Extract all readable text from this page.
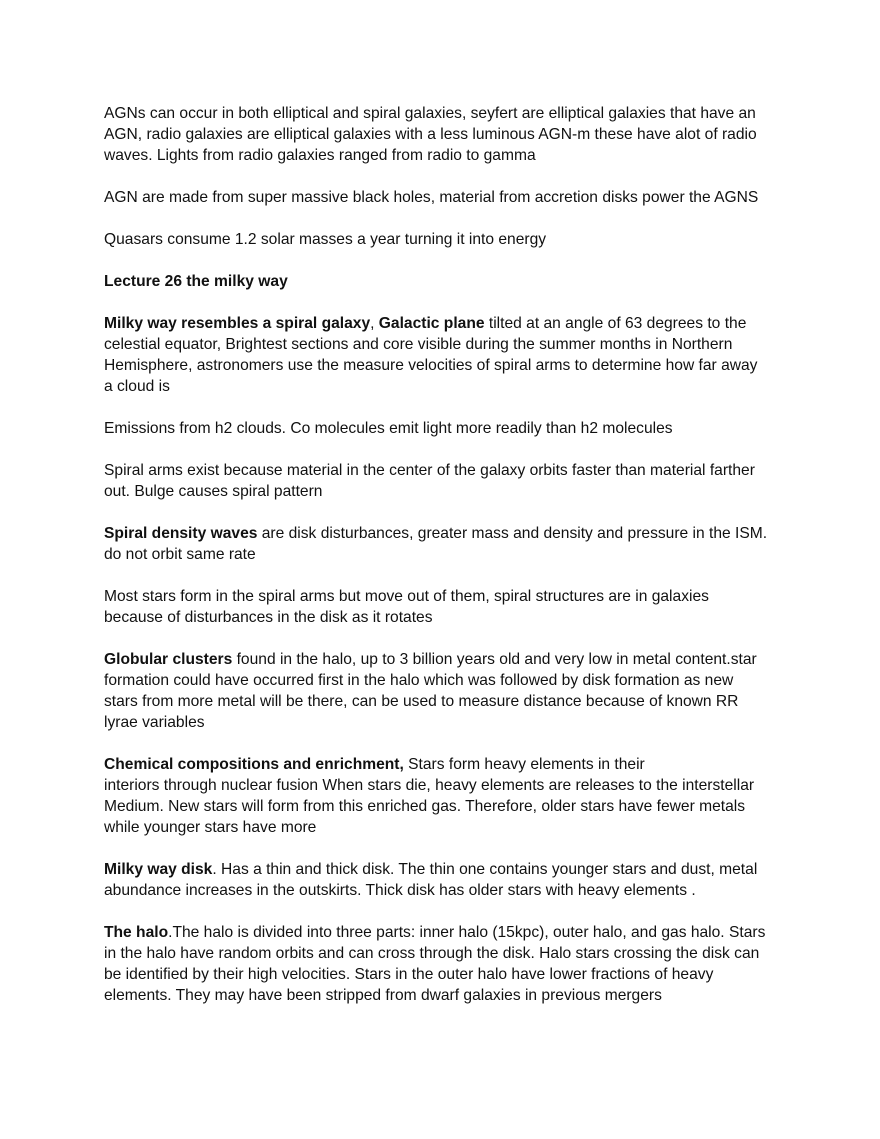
AGNs can occur in both elliptical and spiral galaxies, seyfert are elliptical galaxies that have an
AGN, radio galaxies are elliptical galaxies with a less luminous AGN-m these have alot of radio
waves. Lights from radio galaxies ranged from radio to gamma

AGN are made from super massive black holes, material from accretion disks power the AGNS

Quasars consume 1.2 solar masses a year turning it into energy

Lecture 26 the milky way

Milky way resembles a spiral galaxy, Galactic plane tilted at an angle of 63 degrees to the
celestial equator, Brightest sections and core visible during the summer months in Northern
Hemisphere, astronomers use the measure velocities of spiral arms to determine how far away
a cloud is

Emissions from h2 clouds. Co molecules emit light more readily than h2 molecules

Spiral arms exist because material in the center of the galaxy orbits faster than material farther
out. Bulge causes spiral pattern

Spiral density waves are disk disturbances, greater mass and density and pressure in the ISM.
do not orbit same rate

Most stars form in the spiral arms but move out of them, spiral structures are in galaxies
because of disturbances in the disk as it rotates

Globular clusters found in the halo, up to 3 billion years old and very low in metal content.star
formation could have occurred first in the halo which was followed by disk formation as new
stars from more metal will be there, can be used to measure distance because of known RR
lyrae variables

Chemical compositions and enrichment, Stars form heavy elements in their
interiors through nuclear fusion When stars die, heavy elements are releases to the interstellar
Medium. New stars will form from this enriched gas. Therefore, older stars have fewer metals
while younger stars have more

Milky way disk. Has a thin and thick disk. The thin one contains younger stars and dust, metal
abundance increases in the outskirts. Thick disk has older stars with heavy elements .

The halo.The halo is divided into three parts: inner halo (15kpc), outer halo, and gas halo. Stars
in the halo have random orbits and can cross through the disk. Halo stars crossing the disk can
be identified by their high velocities. Stars in the outer halo have lower fractions of heavy
elements. They may have been stripped from dwarf galaxies in previous mergers
